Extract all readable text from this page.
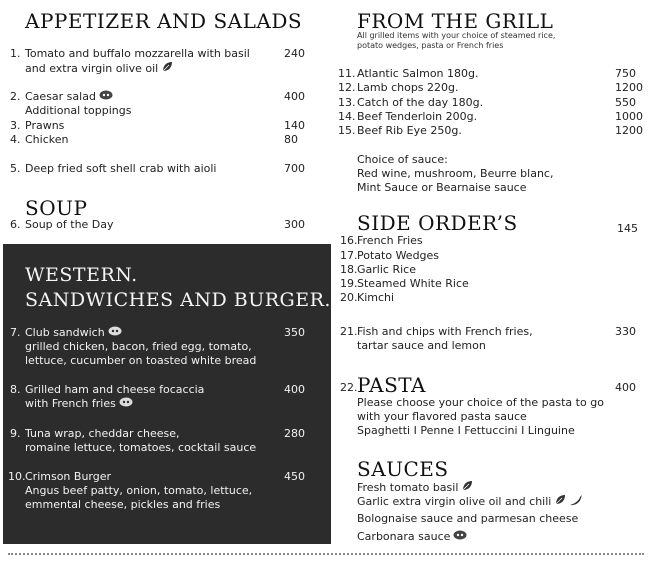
APPETIZER AND SALADS
1. Tomato and buffalo mozzarella with basil
and extra virgin olive oil
240
2. Caesar salad	400
Additional toppings
3. Prawns	140
4. Chicken	80
5. Deep fried soft shell crab with aioli	700
SOUP
6. Soup of the Day	300
WESTERN.
SANDWICHES AND BURGER.
7. Club sandwich
grilled chicken, bacon, fried egg, tomato,
lettuce, cucumber on toasted white bread
350
8. Grilled ham and cheese focaccia
with French fries
400
9. Tuna wrap, cheddar cheese,
romaine lettuce, tomatoes, cocktail sauce
280
10. Crimson Burger
Angus beef patty, onion, tomato, lettuce,
emmental cheese, pickles and fries
450
FROM THE GRILL
All grilled items with your choice of steamed rice,
potato wedges, pasta or French fries
11. Atlantic Salmon 180g.	750
12. Lamb chops 220g.	1200
13. Catch of the day 180g.	550
14. Beef Tenderloin 200g.	1000
15. Beef Rib Eye 250g.	1200
Choice of sauce:
Red wine, mushroom, Beurre blanc,
Mint Sauce or Bearnaise sauce
SIDE ORDER’S	145
16. French Fries
17. Potato Wedges
18. Garlic Rice
19. Steamed White Rice
20. Kimchi
21. Fish and chips with French fries,
tartar sauce and lemon
330
22. PASTA	400
Please choose your choice of the pasta to go
with your flavored pasta sauce
Spaghetti I Penne I Fettuccini I Linguine
SAUCES
Fresh tomato basil
Garlic extra virgin olive oil and chili
Bolognaise sauce and parmesan cheese
Carbonara sauce
